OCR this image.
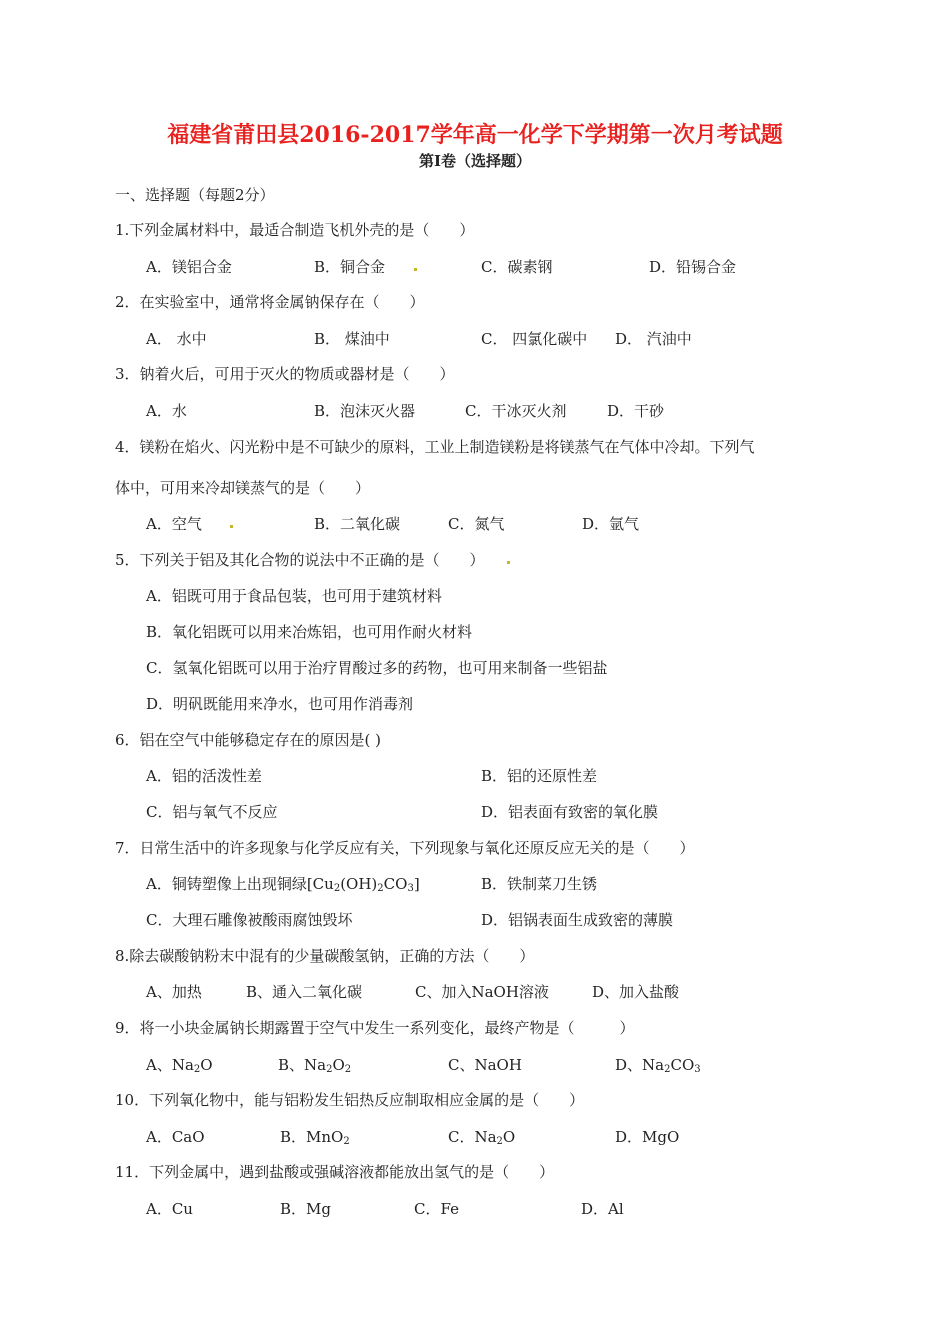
福建省莆田县2016-2017学年高一化学下学期第一次月考试题
第Ⅰ卷（选择题）
一、选择题（每题2分）
1.下列金属材料中，最适合制造飞机外壳的是（　　）
A．镁铝合金	B．铜合金	C．碳素钢	D．铅锡合金
2．在实验室中，通常将金属钠保存在（　　）
A． 水中	B． 煤油中	C． 四氯化碳中 D． 汽油中
3．钠着火后，可用于灭火的物质或器材是（　　）
A．水	B．泡沫灭火器	C．干冰灭火剂	D．干砂
4．镁粉在焰火、闪光粉中是不可缺少的原料，工业上制造镁粉是将镁蒸气在气体中冷却。下列气
体中，可用来冷却镁蒸气的是（　　）
A．空气	B．二氧化碳	C．氮气	D．氩气
5．下列关于铝及其化合物的说法中不正确的是（　　）
A．铝既可用于食品包装，也可用于建筑材料
B．氧化铝既可以用来冶炼铝，也可用作耐火材料
C．氢氧化铝既可以用于治疗胃酸过多的药物，也可用来制备一些铝盐
D．明矾既能用来净水，也可用作消毒剂
6．铝在空气中能够稳定存在的原因是( )
A．铝的活泼性差	B．铝的还原性差
C．铝与氧气不反应	D．铝表面有致密的氧化膜
7．日常生活中的许多现象与化学反应有关，下列现象与氧化还原反应无关的是（　　）
A．铜铸塑像上出现铜绿$[Cu_2(OH)_2CO_3]$	B．铁制菜刀生锈
C．大理石雕像被酸雨腐蚀毁坏	D．铝锅表面生成致密的薄膜
8.除去碳酸钠粉末中混有的少量碳酸氢钠，正确的方法（　　）
A、加热	B、通入二氧化碳	C、加入NaOH溶液	D、加入盐酸
9．将一小块金属钠长期露置于空气中发生一系列变化，最终产物是（　　　）
A、$Na_2O$	B、$Na_2O_2$	C、NaOH	D、$Na_2CO_3$
10．下列氧化物中，能与铝粉发生铝热反应制取相应金属的是（　　）
A．CaO	B．MnO$_2$	C．$Na_2O$	D．MgO
11．下列金属中，遇到盐酸或强碱溶液都能放出氢气的是（　　）
A．Cu	B．Mg	C．Fe	D．Al
